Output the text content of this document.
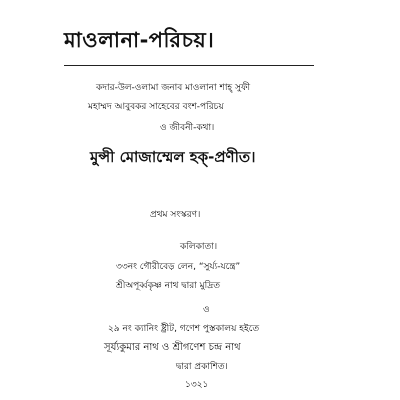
মাওলানা-পরিচয়।
কদার-উল-ওলামা জনাব মাওলানা শাহ্‌ সুফী
মহাম্মদ আবুবকর সাহেবের বংশ-পরিচয়
ও জীবনী-কথা।
মুন্সী মোজাম্মেল হক্‌-প্রণীত।
প্রথম সংস্করণ।
কলিকাতা।
৩৩নং গৌরীবেড় লেন, “সুর্য্য-যন্ত্রে”
শ্রীঅপূর্ব্বকৃষ্ণ নাথ দ্বারা মুদ্রিত
ও
২৯ নং ক্যানিং ষ্ট্রীট, গণেশ পুস্তকালয় হইতে
সূর্য্যকুমার নাথ ও শ্রীগণেশ চন্দ্র নাথ
দ্বারা প্রকাশিত।
১৩২১
